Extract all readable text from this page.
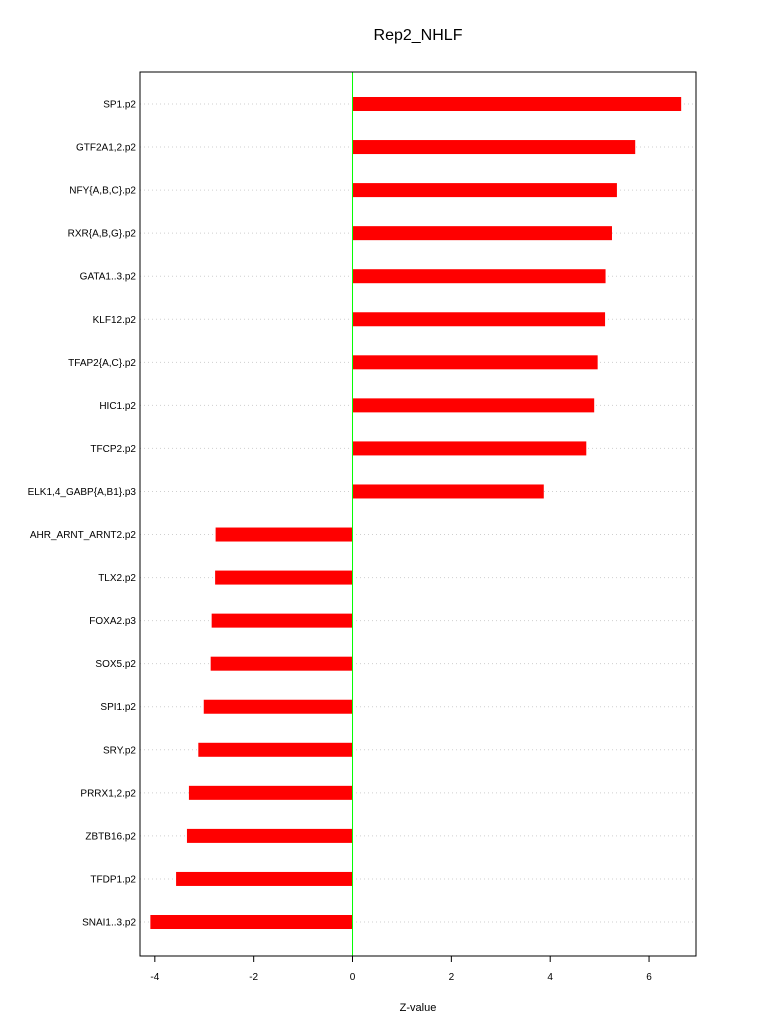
Rep2_NHLF
SP1.p2
GTF2A1,2.p2
NFY{A,B,C}.p2
RXR{A,B,G}.p2
GATA1..3.p2
KLF12.p2
TFAP2{A,C}.p2
HIC1.p2
TFCP2.p2
ELK1,4_GABP{A,B1}.p3
AHR_ARNT_ARNT2.p2
TLX2.p2
FOXA2.p3
SOX5.p2
SPI1.p2
SRY.p2
PRRX1,2.p2
ZBTB16.p2
TFDP1.p2
SNAI1..3.p2
-4	-2	0	2	4	6
Z-value
